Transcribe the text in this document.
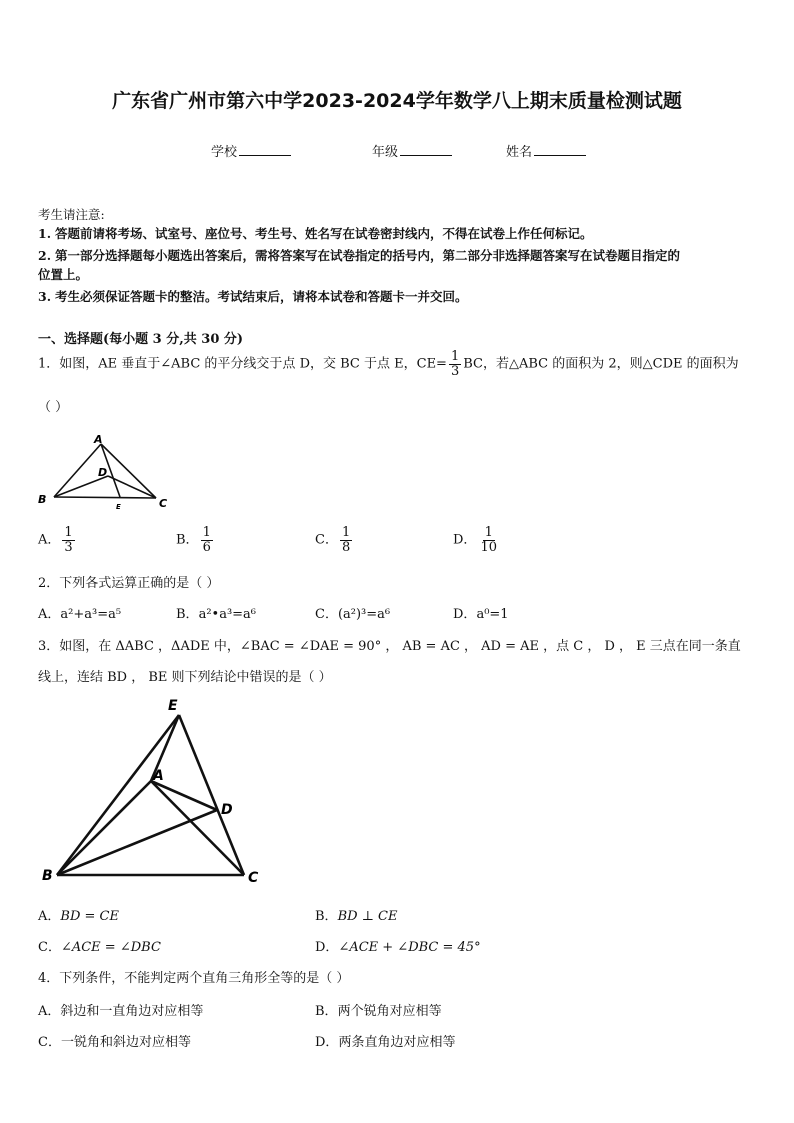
广东省广州市第六中学2023-2024学年数学八上期末质量检测试题
学校	年级	姓名
考生请注意:
1. 答题前请将考场、试室号、座位号、考生号、姓名写在试卷密封线内，不得在试卷上作任何标记。
2. 第一部分选择题每小题选出答案后，需将答案写在试卷指定的括号内，第二部分非选择题答案写在试卷题目指定的
位置上。
3. 考生必须保证答题卡的整洁。考试结束后，请将本试卷和答题卡一并交回。
一、选择题(每小题 3 分,共 30 分)
1．如图，AE 垂直于∠ABC 的平分线交于点 D，交 BC 于点 E，$CE= \frac{1}{3}$ BC，若△ABC 的面积为 2，则△CDE 的面积为
（ ）
A
B	C
D
E
A． $\frac{1}{3}$	B． $\frac{1}{6}$	C． $\frac{1}{8}$	D． $\frac{1}{10}$
2．下列各式运算正确的是（ ）
A．a²+a³=a⁵	B．a²•a³=a⁶	C．(a²)³=a⁶	D．a⁰=1
3．如图，在 ΔABC ，ΔADE 中，∠BAC = ∠DAE = 90° ， AB = AC ， AD = AE ，点 C ， D ， E 三点在同一条直
线上，连结 BD ， BE 则下列结论中错误的是（ ）
E
A
D
B	C
A．BD = CE	B．BD ⊥ CE
C．∠ACE = ∠DBC	D．∠ACE + ∠DBC = 45°
4．下列条件，不能判定两个直角三角形全等的是（ ）
A．斜边和一直角边对应相等	B．两个锐角对应相等
C．一锐角和斜边对应相等	D．两条直角边对应相等
